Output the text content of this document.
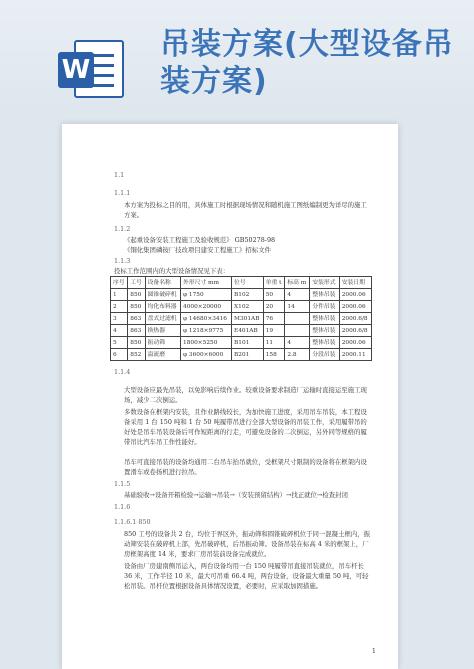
W
吊装方案(大型设备吊装方案)
1.1
1.1.1
本方案为投标之目的用，具体施工时根据现场情况和随机施工图纸编制更为详尽的施工方案。
1.1.2
《起重设备安装工程施工及验收规范》 GB50278-98
《铜化集团磷铵厂技改项目建安工程施工》招标文件
1.1.3
投标工作范围内的大型设备情况见下表：
序号	工号	设备名称	外形尺寸 mm	位号	单重 t	标高 m	安装形式	安装日期
1	850	圆锥破碎机	φ 1750	B102	50	4	整体吊装	2000.06
2	850	均化布料器	4000×20000	X102	20	14	分件吊装	2000.06
3	863	盘式过滤机	φ 14680×3416	M301AB	76		整体吊装	2000.6/8
4	863	换热器	φ 1218×9775	E401AB	19		整体吊装	2000.6/8
5	850	振动筛	1800×5250	B101	11	4	整体吊装	2000.06
6	852	溢流磨	φ 3600×6000	B201	158	2.8	分段吊装	2000.11
1.1.4
大型设备应最先吊装，以免影响后续作业。较重设备要求制造厂运输时直接运至施工现场，减少二次倒运。
多数设备在框架内安装，且作业路线较长，为加快施工进度，采用吊车吊装，本工程设备采用 1 台 150 吨和 1 台 50 吨履带吊进行全部大型设备的吊装工作，采用履带吊的好处是吊车吊装设备后可作短距离的行走，可避免设备的二次倒运，另外同等规格的履带吊比汽车吊工作性能好。
吊车可直接吊装的设备均通用二台吊车抬吊就位，受框架尺寸限制的设备将在框架内设置滑车或卷扬机进行拉吊。
1.1.5
基础验收→设备开箱检验→运输→吊装→（安装预留结构）→找正就位→检查封闭
1.1.6
1.1.6.1 850
850 工号的设备共 2 台，均位于界区外，振动筛和圆锥破碎机位于同一混凝土框内，振动筛安装在破碎机上部，先吊破碎机，后吊振动筛。设备吊装在标高 4 米的框架上，厂房框架高度 14 米，要求厂房吊装前设备完成就位。
设备由厂房建南侧吊运入，两台设备均用一台 150 吨履带吊直接吊装就位，吊车杆长 36 米，工作半径 10 米，最大可吊重 66.4 吨，两台设备，设备最大重量 50 吨，可轻松吊装。吊杆位置根据设备具体情况设置，必要时，应采取加固措施。
1
